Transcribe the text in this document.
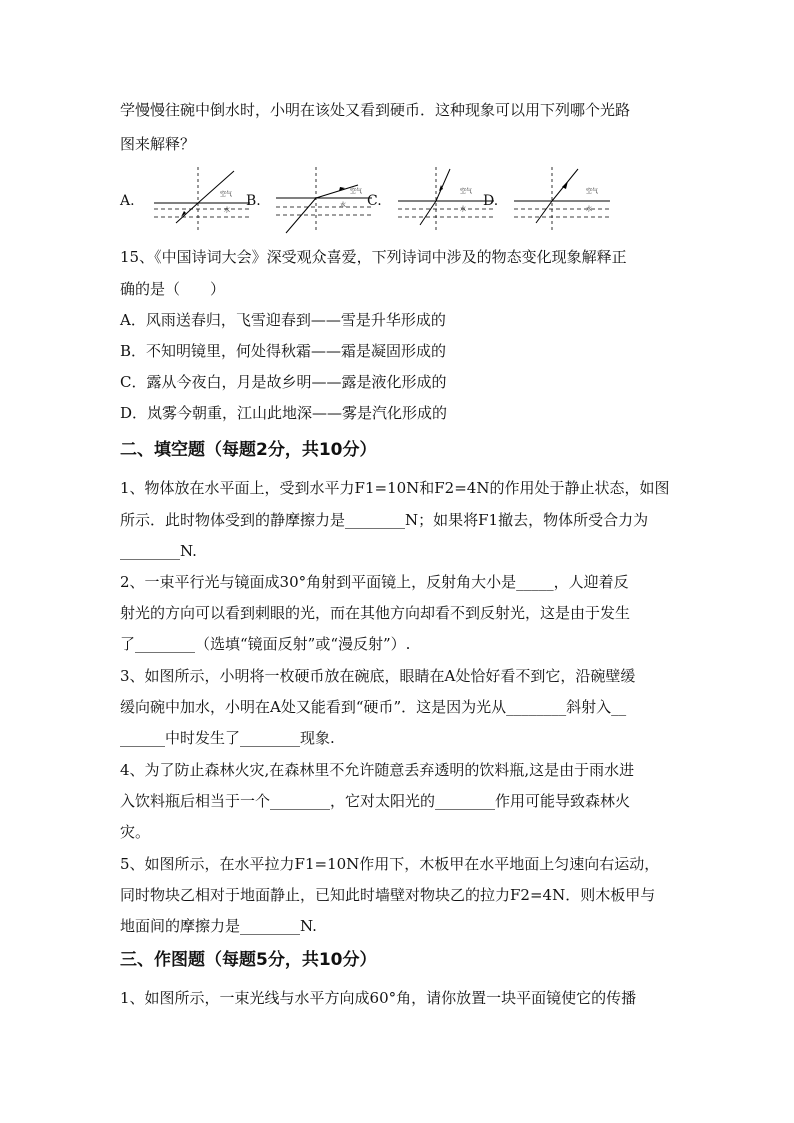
学慢慢往碗中倒水时，小明在该处又看到硬币．这种现象可以用下列哪个光路
图来解释？
A.	空气
水
B.
空气
水 C.
空气
水
D.
空气
水
15、《中国诗词大会》深受观众喜爱，下列诗词中涉及的物态变化现象解释正
确的是（　　）
A．风雨送春归，飞雪迎春到——雪是升华形成的
B．不知明镜里，何处得秋霜——霜是凝固形成的
C．露从今夜白，月是故乡明——露是液化形成的
D．岚雾今朝重，江山此地深——雾是汽化形成的
二、填空题（每题2分，共10分）
1、物体放在水平面上，受到水平力F1=10N和F2=4N的作用处于静止状态，如图
所示．此时物体受到的静摩擦力是________N；如果将F1撤去，物体所受合力为
________N.
2、一束平行光与镜面成30°角射到平面镜上，反射角大小是_____，人迎着反
射光的方向可以看到刺眼的光，而在其他方向却看不到反射光，这是由于发生
了________（选填“镜面反射”或“漫反射”）.
3、如图所示，小明将一枚硬币放在碗底，眼睛在A处恰好看不到它，沿碗壁缓
缓向碗中加水，小明在A处又能看到“硬币”．这是因为光从________斜射入__
______中时发生了________现象.
4、为了防止森林火灾,在森林里不允许随意丢弃透明的饮料瓶,这是由于雨水进
入饮料瓶后相当于一个________，它对太阳光的________作用可能导致森林火
灾。
5、如图所示，在水平拉力F1=10N作用下，木板甲在水平地面上匀速向右运动，
同时物块乙相对于地面静止，已知此时墙壁对物块乙的拉力F2=4N．则木板甲与
地面间的摩擦力是________N.
三、作图题（每题5分，共10分）
1、如图所示，一束光线与水平方向成60°角，请你放置一块平面镜使它的传播
